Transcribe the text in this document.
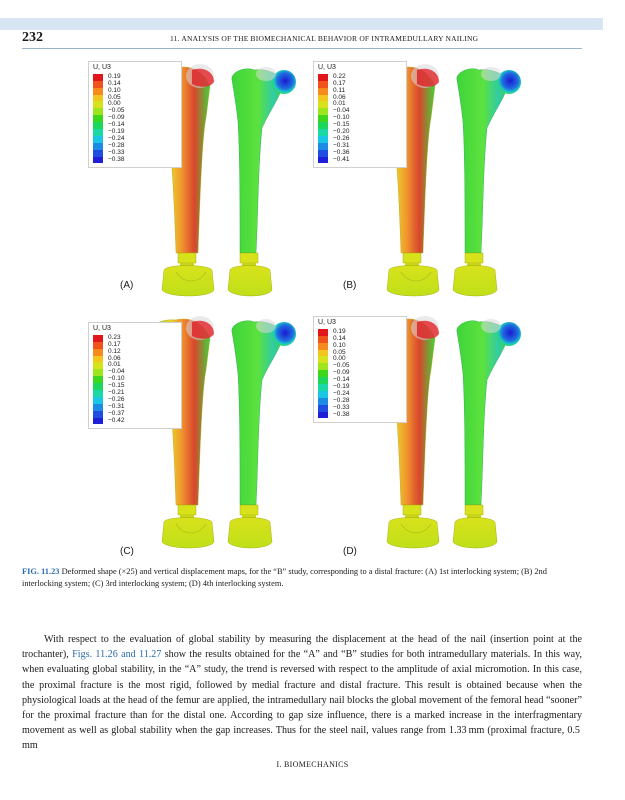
232	11. ANALYSIS OF THE BIOMECHANICAL BEHAVIOR OF INTRAMEDULLARY NAILING
U, U3
0.19
0.14
0.10
0.05
0.00
−0.05
−0.09
−0.14
−0.19
−0.24
−0.28
−0.33
−0.38
(A)
U, U3
0.22
0.17
0.11
0.06
0.01
−0.04
−0.10
−0.15
−0.20
−0.26
−0.31
−0.36
−0.41
(B)
U, U3
0.23
0.17
0.12
0.06
0.01
−0.04
−0.10
−0.15
−0.21
−0.26
−0.31
−0.37
−0.42
(C)
U, U3
0.19
0.14
0.10
0.05
0.00
−0.05
−0.09
−0.14
−0.19
−0.24
−0.28
−0.33
−0.38
(D)
FIG. 11.23 Deformed shape (×25) and vertical displacement maps, for the “B” study, corresponding to a distal fracture: (A) 1st interlocking system; (B) 2nd interlocking system; (C) 3rd interlocking system; (D) 4th interlocking system.

With respect to the evaluation of global stability by measuring the displacement at the head of the nail (insertion point at the trochanter), Figs. 11.26 and 11.27 show the results obtained for the “A” and “B” studies for both intramedullary materials. In this way, when evaluating global stability, in the “A” study, the trend is reversed with respect to the amplitude of axial micromotion. In this case, the proximal fracture is the most rigid, followed by medial fracture and distal fracture. This result is obtained because when the physiological loads at the head of the femur are applied, the intramedullary nail blocks the global movement of the femoral head “sooner” for the proximal fracture than for the distal one. According to gap size influence, there is a marked increase in the interfragmentary movement as well as global stability when the gap increases. Thus for the steel nail, values range from 1.33 mm (proximal fracture, 0.5 mm

I. BIOMECHANICS
